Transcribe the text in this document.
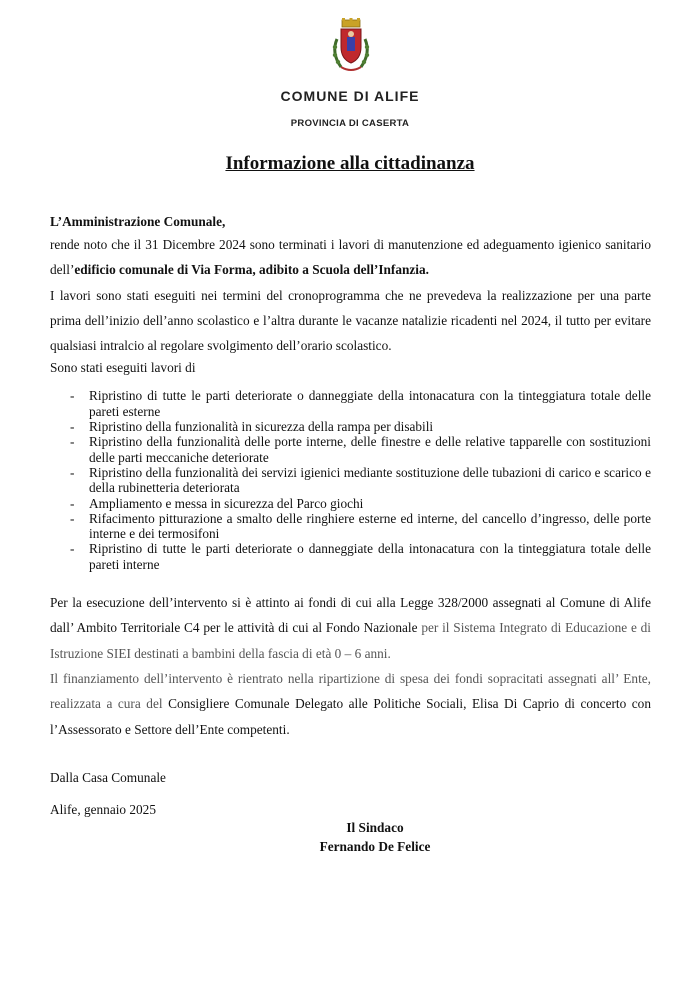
COMUNE DI ALIFE
PROVINCIA DI CASERTA
Informazione alla cittadinanza

L’Amministrazione Comunale,

rende noto che il 31 Dicembre 2024 sono terminati i lavori di manutenzione ed adeguamento igienico sanitario dell’edificio comunale di Via Forma, adibito a Scuola dell’Infanzia.

I lavori sono stati eseguiti nei termini del cronoprogramma che ne prevedeva la realizzazione per una parte prima dell’inizio dell’anno scolastico e l’altra durante le vacanze natalizie ricadenti nel 2024, il tutto per evitare qualsiasi intralcio al regolare svolgimento dell’orario scolastico.

Sono stati eseguiti lavori di

- Ripristino di tutte le parti deteriorate o danneggiate della intonacatura con la tinteggiatura totale delle pareti esterne
- Ripristino della funzionalità in sicurezza della rampa per disabili
- Ripristino della funzionalità delle porte interne, delle finestre e delle relative tapparelle con sostituzioni delle parti meccaniche deteriorate
- Ripristino della funzionalità dei servizi igienici mediante sostituzione delle tubazioni di carico e scarico e della rubinetteria deteriorata
- Ampliamento e messa in sicurezza del Parco giochi
- Rifacimento pitturazione a smalto delle ringhiere esterne ed interne, del cancello d’ingresso, delle porte interne e dei termosifoni
- Ripristino di tutte le parti deteriorate o danneggiate della intonacatura con la tinteggiatura totale delle pareti interne

Per la esecuzione dell’intervento si è attinto ai fondi di cui alla Legge 328/2000 assegnati al Comune di Alife dall’ Ambito Territoriale C4 per le attività di cui al Fondo Nazionale per il Sistema Integrato di Educazione e di Istruzione SIEI destinati a bambini della fascia di età 0 – 6 anni.

Il finanziamento dell’intervento è rientrato nella ripartizione di spesa dei fondi sopracitati assegnati all’ Ente, realizzata a cura del Consigliere Comunale Delegato alle Politiche Sociali, Elisa Di Caprio di concerto con l’Assessorato e Settore dell’Ente competenti.

Dalla Casa Comunale
Alife, gennaio 2025
Il Sindaco
Fernando De Felice
